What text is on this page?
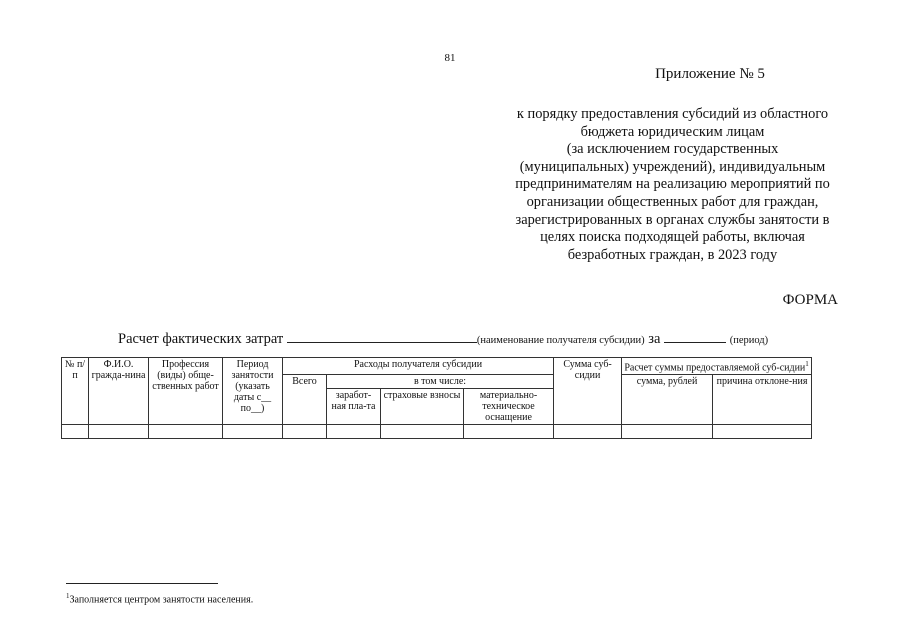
81
Приложение № 5
к порядку предоставления субсидий из областного
бюджета юридическим лицам
(за исключением государственных
(муниципальных) учреждений), индивидуальным
предпринимателям на реализацию мероприятий по
организации общественных работ для граждан,
зарегистрированных в органах службы занятости в
целях поиска подходящей работы, включая
безработных граждан, в 2023 году
ФОРМА
Расчет фактических затрат	(наименование получателя субсидии) за	(период)
№ п/п	Ф.И.О. гражда-нина	Профессия (виды) обще-ственных работ	Период занятости (указать даты с__ по__)	Расходы получателя субсидии				Сумма суб-сидии	Расчет суммы предоставляемой суб-сидии$^1$
				Всего	в том числе:				сумма, рублей	причина отклоне-ния
					заработ-ная пла-та	страховые взносы	материально-техническое оснащение			

$^1$Заполняется центром занятости населения.
